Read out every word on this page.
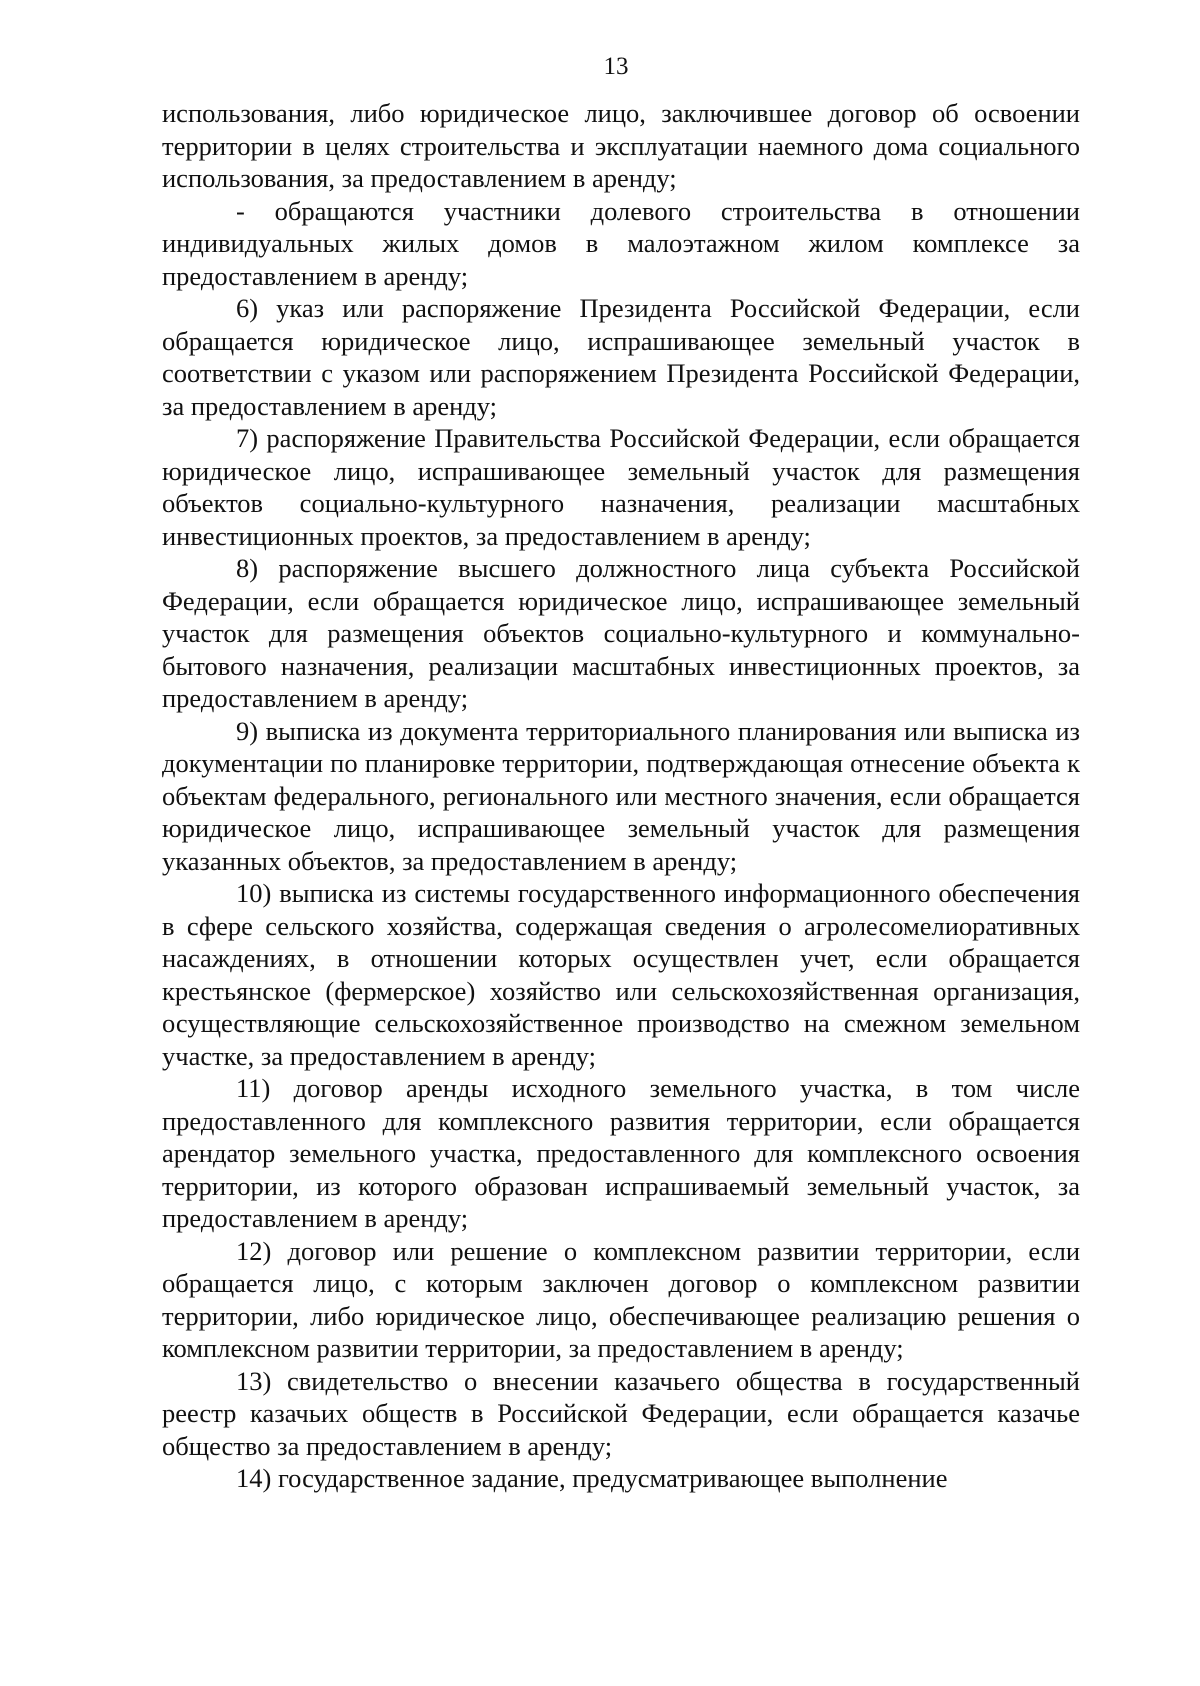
13

использования, либо юридическое лицо, заключившее договор об освоении территории в целях строительства и эксплуатации наемного дома социального использования, за предоставлением в аренду;

- обращаются участники долевого строительства в отношении индивидуальных жилых домов в малоэтажном жилом комплексе за предоставлением в аренду;

6) указ или распоряжение Президента Российской Федерации, если обращается юридическое лицо, испрашивающее земельный участок в соответствии с указом или распоряжением Президента Российской Федерации, за предоставлением в аренду;

7) распоряжение Правительства Российской Федерации, если обращается юридическое лицо, испрашивающее земельный участок для размещения объектов социально-культурного назначения, реализации масштабных инвестиционных проектов, за предоставлением в аренду;

8) распоряжение высшего должностного лица субъекта Российской Федерации, если обращается юридическое лицо, испрашивающее земельный участок для размещения объектов социально-культурного и коммунально-бытового назначения, реализации масштабных инвестиционных проектов, за предоставлением в аренду;

9) выписка из документа территориального планирования или выписка из документации по планировке территории, подтверждающая отнесение объекта к объектам федерального, регионального или местного значения, если обращается юридическое лицо, испрашивающее земельный участок для размещения указанных объектов, за предоставлением в аренду;

10) выписка из системы государственного информационного обеспечения в сфере сельского хозяйства, содержащая сведения о агролесомелиоративных насаждениях, в отношении которых осуществлен учет, если обращается крестьянское (фермерское) хозяйство или сельскохозяйственная организация, осуществляющие сельскохозяйственное производство на смежном земельном участке, за предоставлением в аренду;

11) договор аренды исходного земельного участка, в том числе предоставленного для комплексного развития территории, если обращается арендатор земельного участка, предоставленного для комплексного освоения территории, из которого образован испрашиваемый земельный участок, за предоставлением в аренду;

12) договор или решение о комплексном развитии территории, если обращается лицо, с которым заключен договор о комплексном развитии территории, либо юридическое лицо, обеспечивающее реализацию решения о комплексном развитии территории, за предоставлением в аренду;

13) свидетельство о внесении казачьего общества в государственный реестр казачьих обществ в Российской Федерации, если обращается казачье общество за предоставлением в аренду;

14) государственное задание, предусматривающее выполнение
